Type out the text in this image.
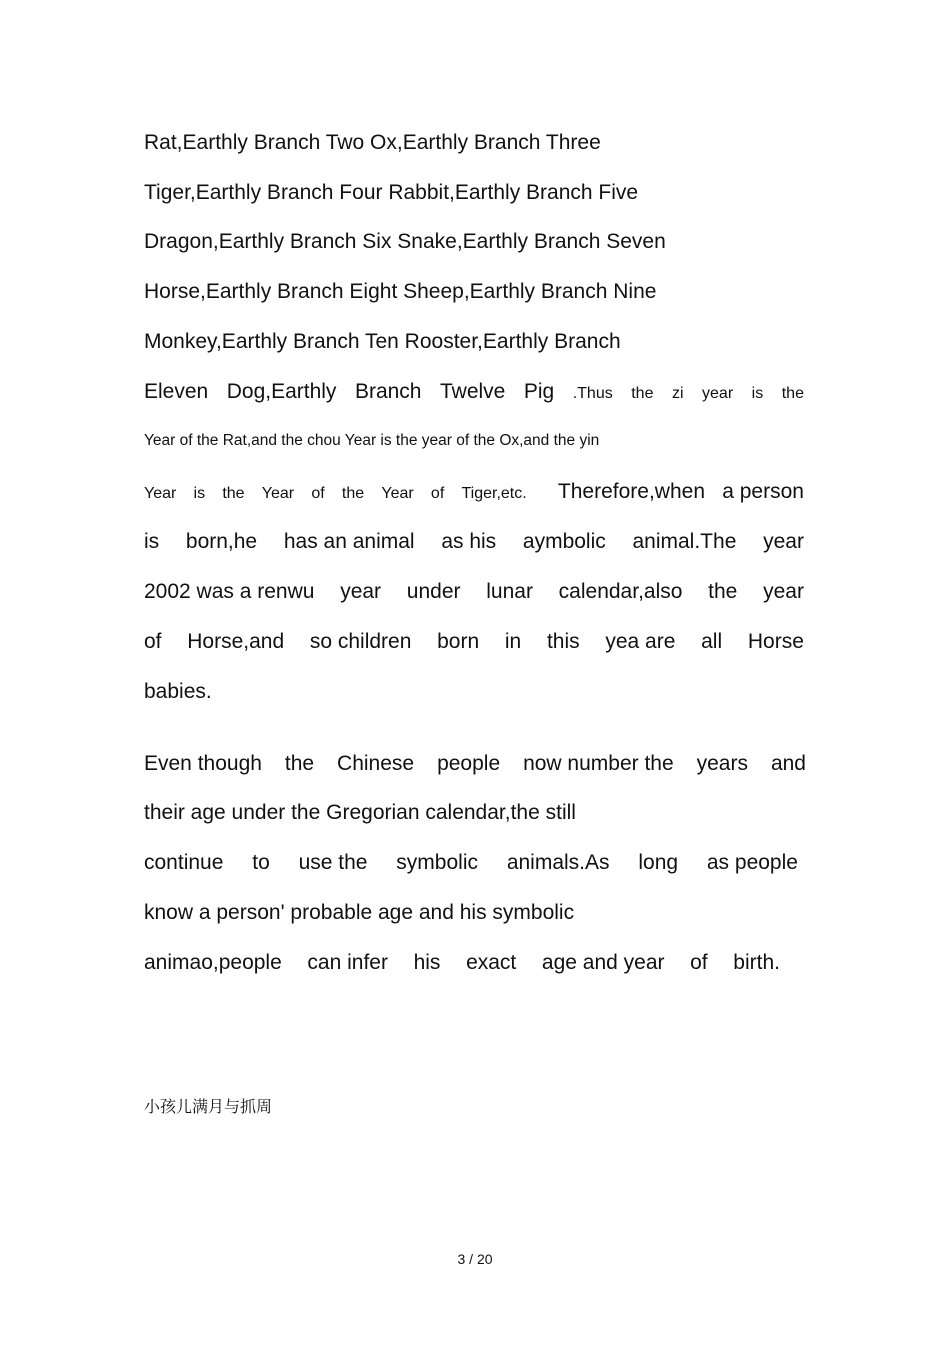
Rat,Earthly Branch Two Ox,Earthly Branch Three
Tiger,Earthly Branch Four Rabbit,Earthly Branch Five
Dragon,Earthly Branch Six Snake,Earthly Branch Seven
Horse,Earthly Branch Eight Sheep,Earthly Branch Nine
Monkey,Earthly Branch Ten Rooster,Earthly Branch
Eleven Dog,Earthly Branch Twelve Pig .Thus the zi year is the
Year of the Rat,and the chou Year is the year of the Ox,and the yin
Year is the Year of the Year of Tiger,etc. Therefore,when a person
is born,he has an animal as his aymbolic animal.The year
2002 was a renwu year under lunar calendar,also the year
of Horse,and so children born in this yea are all Horse
babies.
Even though the Chinese people now number the years and
their age under the Gregorian calendar,the still
continue to use the symbolic animals.As long as people
know a person' probable age and his symbolic
animao,people can infer his exact age and year of birth.
小孩儿满月与抓周
3 / 20
